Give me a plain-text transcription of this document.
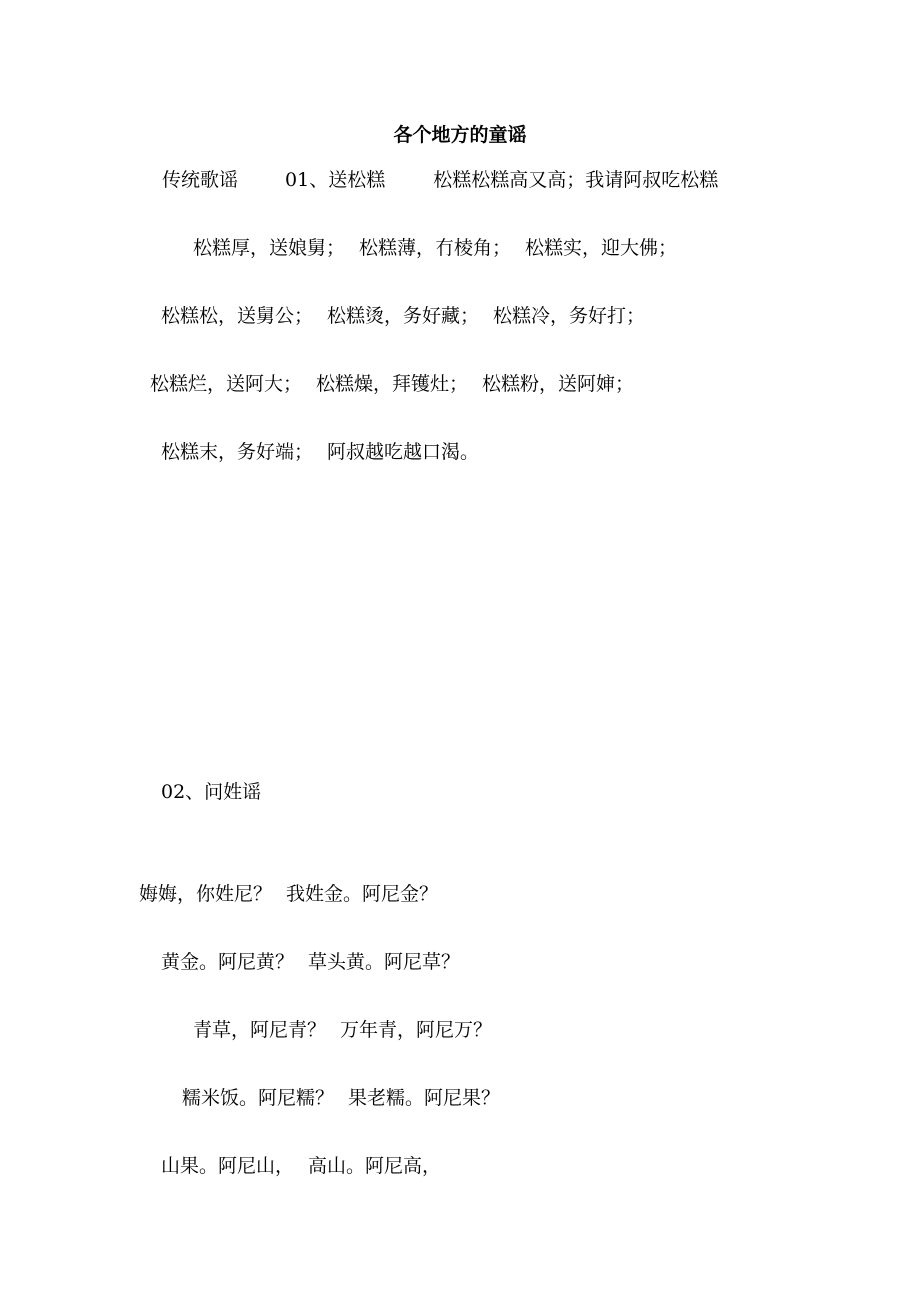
各个地方的童谣
传统歌谣 01、送松糕	松糕松糕高又高；我请阿叔吃松糕
松糕厚，送娘舅； 松糕薄，冇棱角； 松糕实，迎大佛；
松糕松，送舅公； 松糕烫，务好藏； 松糕冷，务好打；
松糕烂，送阿大； 松糕燥，拜镬灶； 松糕粉，送阿婶；
松糕末，务好端； 阿叔越吃越口渴。
02、问姓谣
娒娒，你姓尼？ 我姓金。阿尼金？
黄金。阿尼黄？ 草头黄。阿尼草？
青草，阿尼青？ 万年青，阿尼万？
糯米饭。阿尼糯？ 果老糯。阿尼果？
山果。阿尼山， 高山。阿尼高，
